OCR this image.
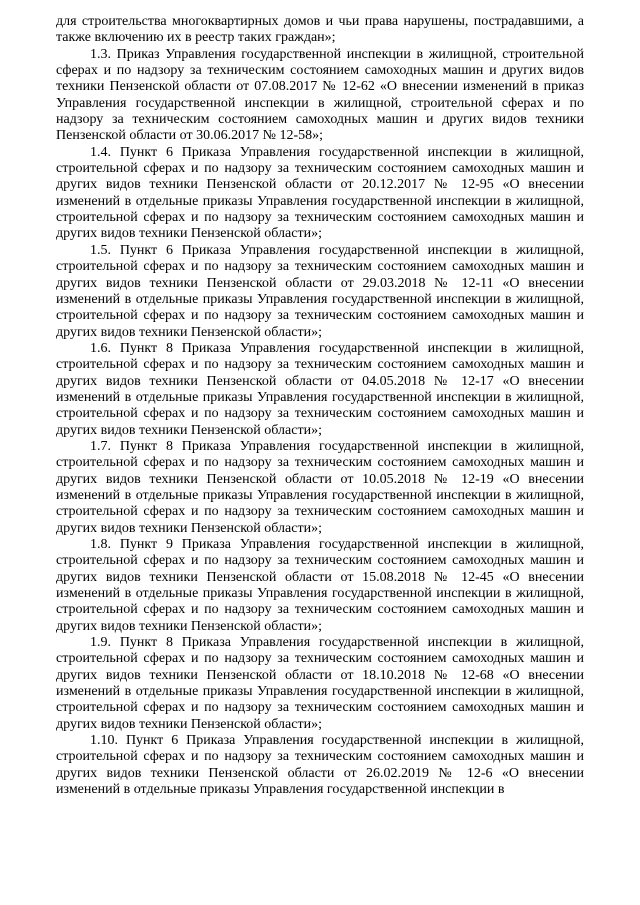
для строительства многоквартирных домов и чьи права нарушены, пострадавшими, а также включению их в реестр таких граждан»;

1.3. Приказ Управления государственной инспекции в жилищной, строительной сферах и по надзору за техническим состоянием самоходных машин и других видов техники Пензенской области от 07.08.2017 № 12-62 «О внесении изменений в приказ Управления государственной инспекции в жилищной, строительной сферах и по надзору за техническим состоянием самоходных машин и других видов техники Пензенской области от 30.06.2017 № 12-58»;

1.4. Пункт 6 Приказа Управления государственной инспекции в жилищной, строительной сферах и по надзору за техническим состоянием самоходных машин и других видов техники Пензенской области от 20.12.2017 № 12-95 «О внесении изменений в отдельные приказы Управления государственной инспекции в жилищной, строительной сферах и по надзору за техническим состоянием самоходных машин и других видов техники Пензенской области»;

1.5. Пункт 6 Приказа Управления государственной инспекции в жилищной, строительной сферах и по надзору за техническим состоянием самоходных машин и других видов техники Пензенской области от 29.03.2018 № 12-11 «О внесении изменений в отдельные приказы Управления государственной инспекции в жилищной, строительной сферах и по надзору за техническим состоянием самоходных машин и других видов техники Пензенской области»;

1.6. Пункт 8 Приказа Управления государственной инспекции в жилищной, строительной сферах и по надзору за техническим состоянием самоходных машин и других видов техники Пензенской области от 04.05.2018 № 12-17 «О внесении изменений в отдельные приказы Управления государственной инспекции в жилищной, строительной сферах и по надзору за техническим состоянием самоходных машин и других видов техники Пензенской области»;

1.7. Пункт 8 Приказа Управления государственной инспекции в жилищной, строительной сферах и по надзору за техническим состоянием самоходных машин и других видов техники Пензенской области от 10.05.2018 № 12-19 «О внесении изменений в отдельные приказы Управления государственной инспекции в жилищной, строительной сферах и по надзору за техническим состоянием самоходных машин и других видов техники Пензенской области»;

1.8. Пункт 9 Приказа Управления государственной инспекции в жилищной, строительной сферах и по надзору за техническим состоянием самоходных машин и других видов техники Пензенской области от 15.08.2018 № 12-45 «О внесении изменений в отдельные приказы Управления государственной инспекции в жилищной, строительной сферах и по надзору за техническим состоянием самоходных машин и других видов техники Пензенской области»;

1.9. Пункт 8 Приказа Управления государственной инспекции в жилищной, строительной сферах и по надзору за техническим состоянием самоходных машин и других видов техники Пензенской области от 18.10.2018 № 12-68 «О внесении изменений в отдельные приказы Управления государственной инспекции в жилищной, строительной сферах и по надзору за техническим состоянием самоходных машин и других видов техники Пензенской области»;

1.10. Пункт 6 Приказа Управления государственной инспекции в жилищной, строительной сферах и по надзору за техническим состоянием самоходных машин и других видов техники Пензенской области от 26.02.2019 № 12-6 «О внесении изменений в отдельные приказы Управления государственной инспекции в
